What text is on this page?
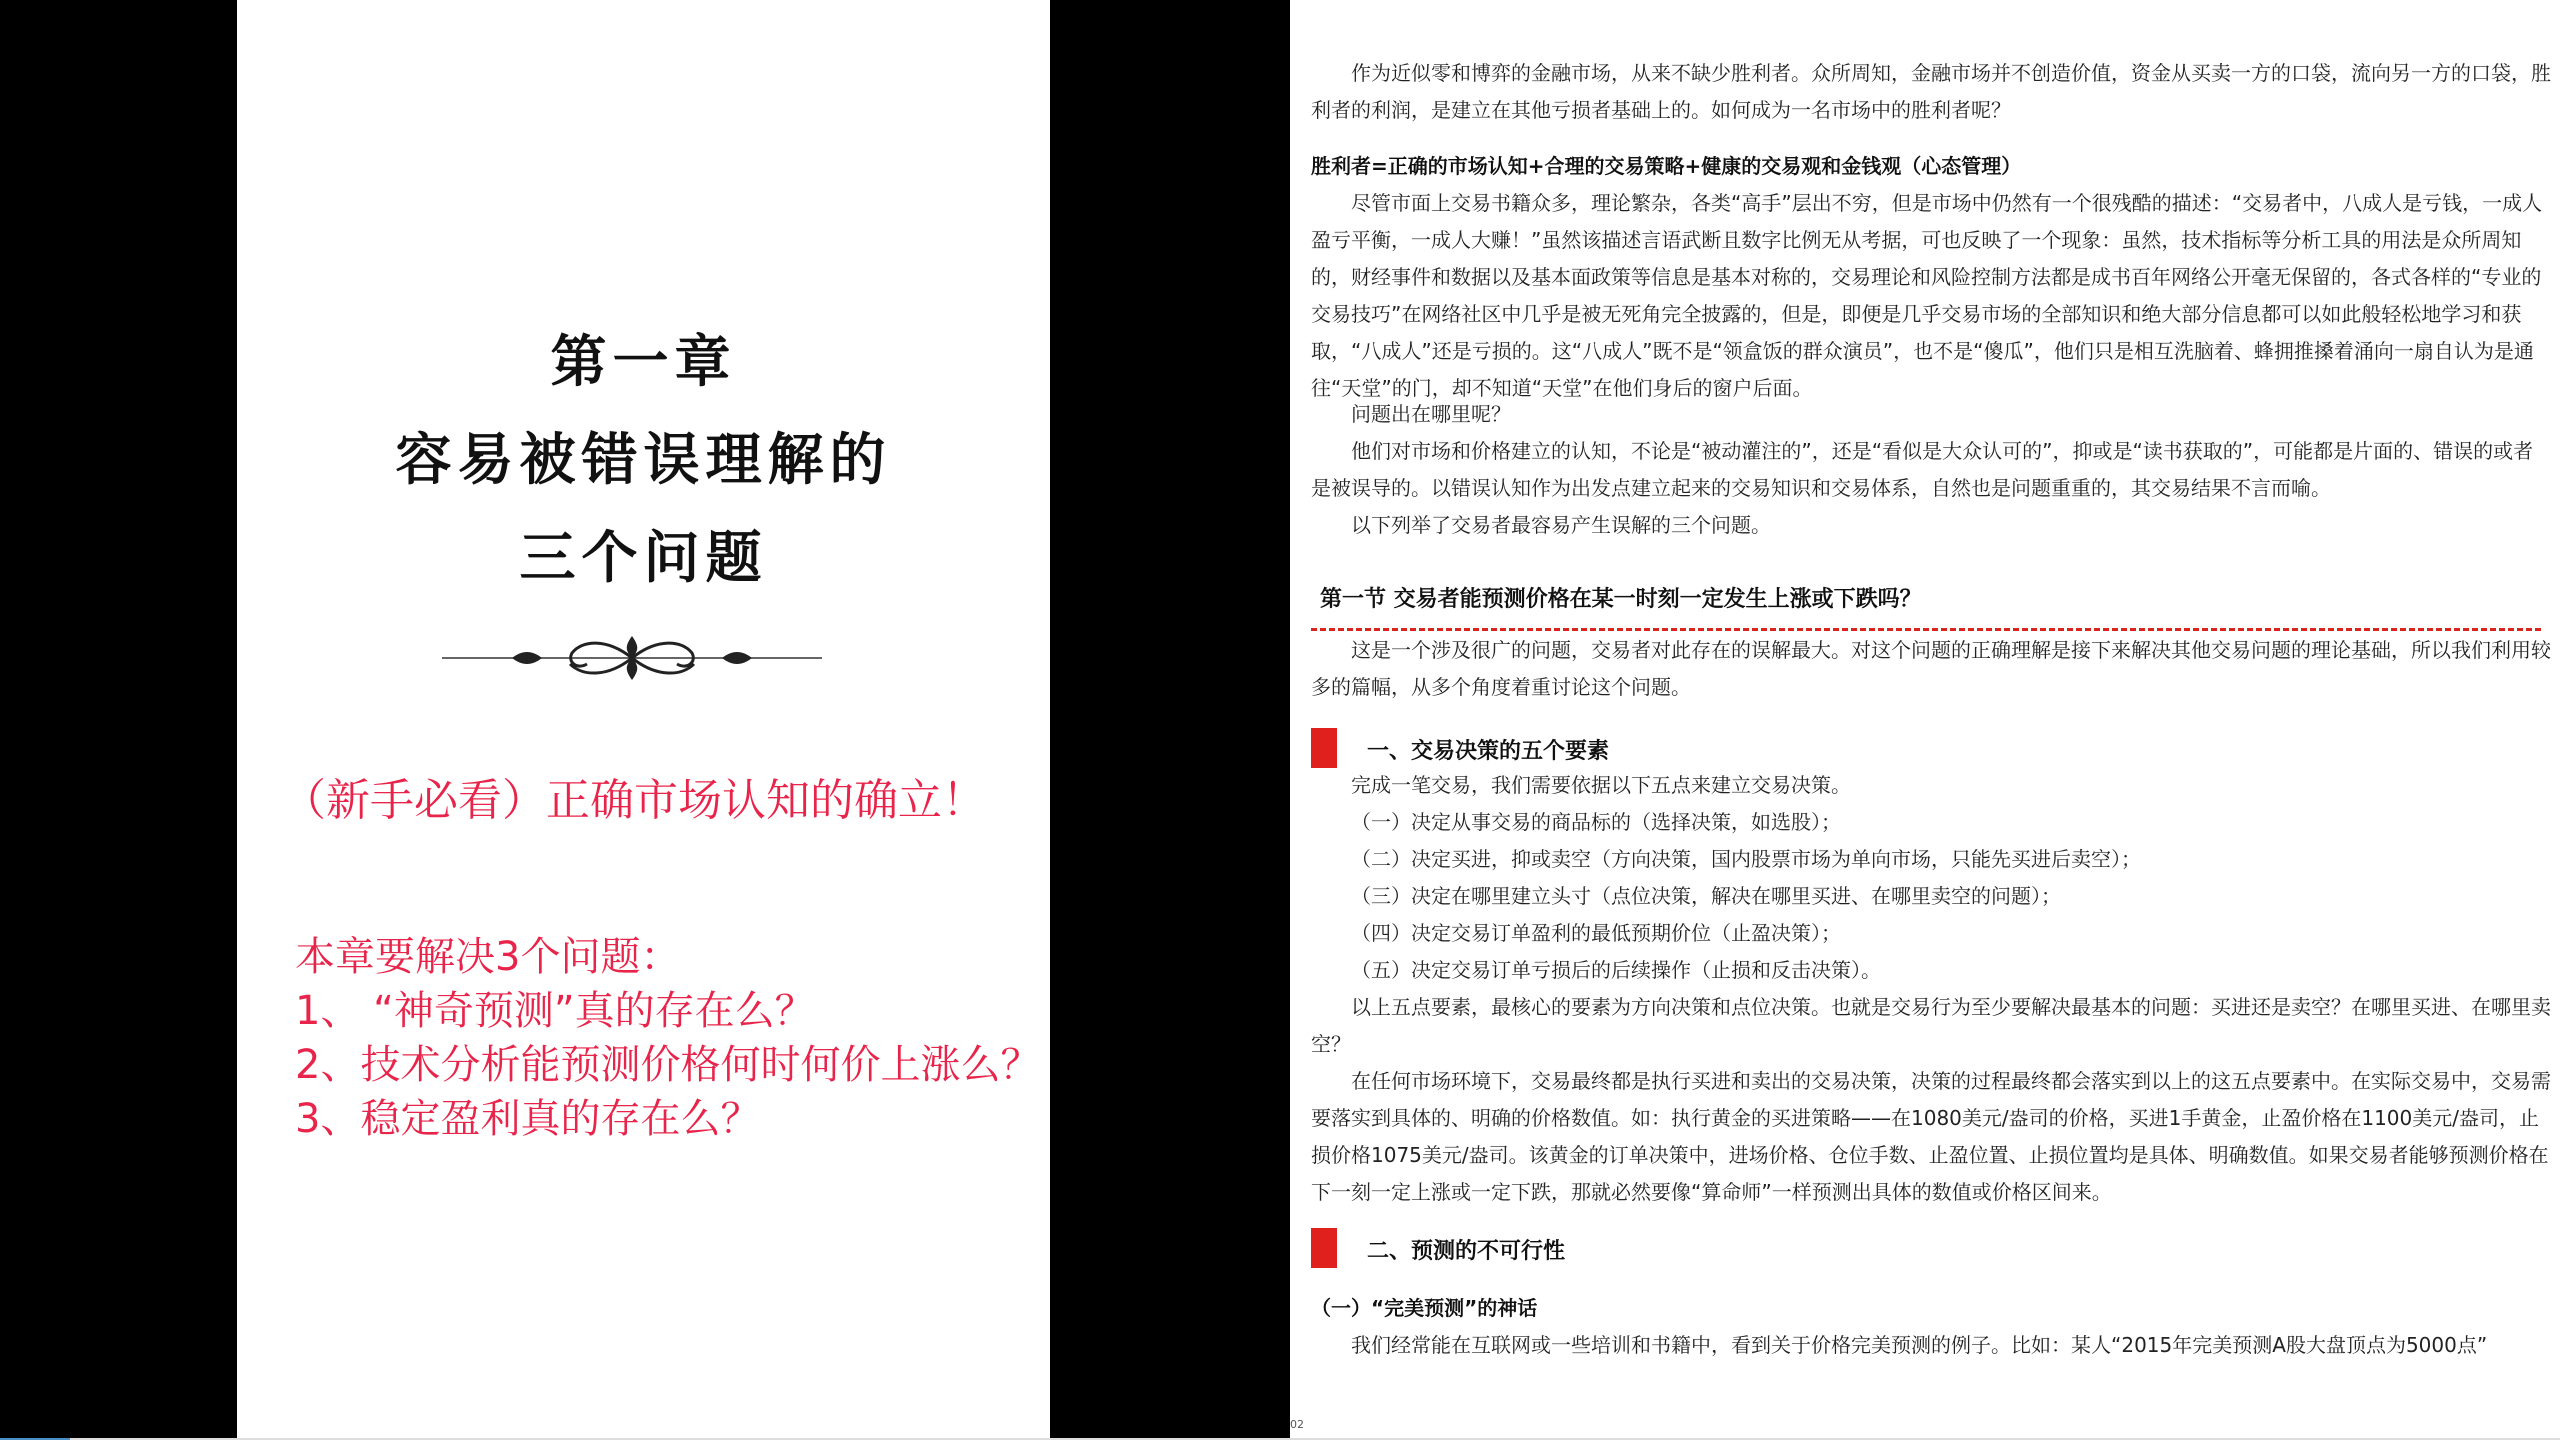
第一章
容易被错误理解的
三个问题
（新手必看）正确市场认知的确立！
本章要解决3个问题：
1、 “神奇预测”真的存在么？
2、技术分析能预测价格何时何价上涨么？
3、稳定盈利真的存在么？
作为近似零和博弈的金融市场，从来不缺少胜利者。众所周知，金融市场并不创造价值，资金从买卖一方的口袋，流向另一方的口袋，胜利者的利润，是建立在其他亏损者基础上的。如何成为一名市场中的胜利者呢？
胜利者=正确的市场认知+合理的交易策略+健康的交易观和金钱观（心态管理）
尽管市面上交易书籍众多，理论繁杂，各类“高手”层出不穷，但是市场中仍然有一个很残酷的描述：“交易者中，八成人是亏钱，一成人盈亏平衡，一成人大赚！”虽然该描述言语武断且数字比例无从考据，可也反映了一个现象：虽然，技术指标等分析工具的用法是众所周知的，财经事件和数据以及基本面政策等信息是基本对称的，交易理论和风险控制方法都是成书百年网络公开毫无保留的，各式各样的“专业的交易技巧”在网络社区中几乎是被无死角完全披露的，但是，即便是几乎交易市场的全部知识和绝大部分信息都可以如此般轻松地学习和获取，“八成人”还是亏损的。这“八成人”既不是“领盒饭的群众演员”，也不是“傻瓜”，他们只是相互洗脑着、蜂拥推搡着涌向一扇自认为是通往“天堂”的门，却不知道“天堂”在他们身后的窗户后面。
问题出在哪里呢？
他们对市场和价格建立的认知，不论是“被动灌注的”，还是“看似是大众认可的”，抑或是“读书获取的”，可能都是片面的、错误的或者是被误导的。以错误认知作为出发点建立起来的交易知识和交易体系，自然也是问题重重的，其交易结果不言而喻。
以下列举了交易者最容易产生误解的三个问题。
第一节 交易者能预测价格在某一时刻一定发生上涨或下跌吗？
这是一个涉及很广的问题，交易者对此存在的误解最大。对这个问题的正确理解是接下来解决其他交易问题的理论基础，所以我们利用较多的篇幅，从多个角度着重讨论这个问题。
一、交易决策的五个要素
完成一笔交易，我们需要依据以下五点来建立交易决策。
（一）决定从事交易的商品标的（选择决策，如选股）；
（二）决定买进，抑或卖空（方向决策，国内股票市场为单向市场，只能先买进后卖空）；
（三）决定在哪里建立头寸（点位决策，解决在哪里买进、在哪里卖空的问题）；
（四）决定交易订单盈利的最低预期价位（止盈决策）；
（五）决定交易订单亏损后的后续操作（止损和反击决策）。
以上五点要素，最核心的要素为方向决策和点位决策。也就是交易行为至少要解决最基本的问题：买进还是卖空？在哪里买进、在哪里卖空？
在任何市场环境下，交易最终都是执行买进和卖出的交易决策，决策的过程最终都会落实到以上的这五点要素中。在实际交易中，交易需要落实到具体的、明确的价格数值。如：执行黄金的买进策略——在1080美元/盎司的价格，买进1手黄金，止盈价格在1100美元/盎司，止损价格1075美元/盎司。该黄金的订单决策中，进场价格、仓位手数、止盈位置、止损位置均是具体、明确数值。如果交易者能够预测价格在下一刻一定上涨或一定下跌，那就必然要像“算命师”一样预测出具体的数值或价格区间来。
二、预测的不可行性
（一）“完美预测”的神话
我们经常能在互联网或一些培训和书籍中，看到关于价格完美预测的例子。比如：某人“2015年完美预测A股大盘顶点为5000点”
02
